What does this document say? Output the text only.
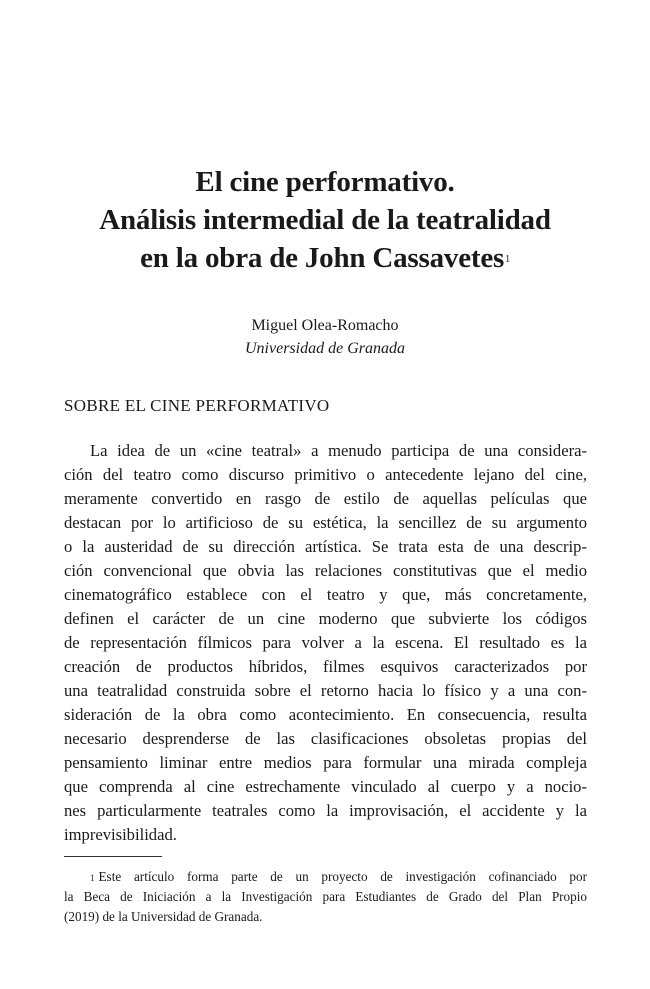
El cine performativo.
Análisis intermedial de la teatralidad
en la obra de John Cassavetes$^1$
Miguel Olea-Romacho
Universidad de Granada
SOBRE EL CINE PERFORMATIVO
La idea de un «cine teatral» a menudo participa de una considera-
ción del teatro como discurso primitivo o antecedente lejano del cine,
meramente convertido en rasgo de estilo de aquellas películas que
destacan por lo artificioso de su estética, la sencillez de su argumento
o la austeridad de su dirección artística. Se trata esta de una descrip-
ción convencional que obvia las relaciones constitutivas que el medio
cinematográfico establece con el teatro y que, más concretamente,
definen el carácter de un cine moderno que subvierte los códigos
de representación fílmicos para volver a la escena. El resultado es la
creación de productos híbridos, filmes esquivos caracterizados por
una teatralidad construida sobre el retorno hacia lo físico y a una con-
sideración de la obra como acontecimiento. En consecuencia, resulta
necesario desprenderse de las clasificaciones obsoletas propias del
pensamiento liminar entre medios para formular una mirada compleja
que comprenda al cine estrechamente vinculado al cuerpo y a nocio-
nes particularmente teatrales como la improvisación, el accidente y la
imprevisibilidad.
$^1$ Este artículo forma parte de un proyecto de investigación cofinanciado por
la Beca de Iniciación a la Investigación para Estudiantes de Grado del Plan Propio
(2019) de la Universidad de Granada.
